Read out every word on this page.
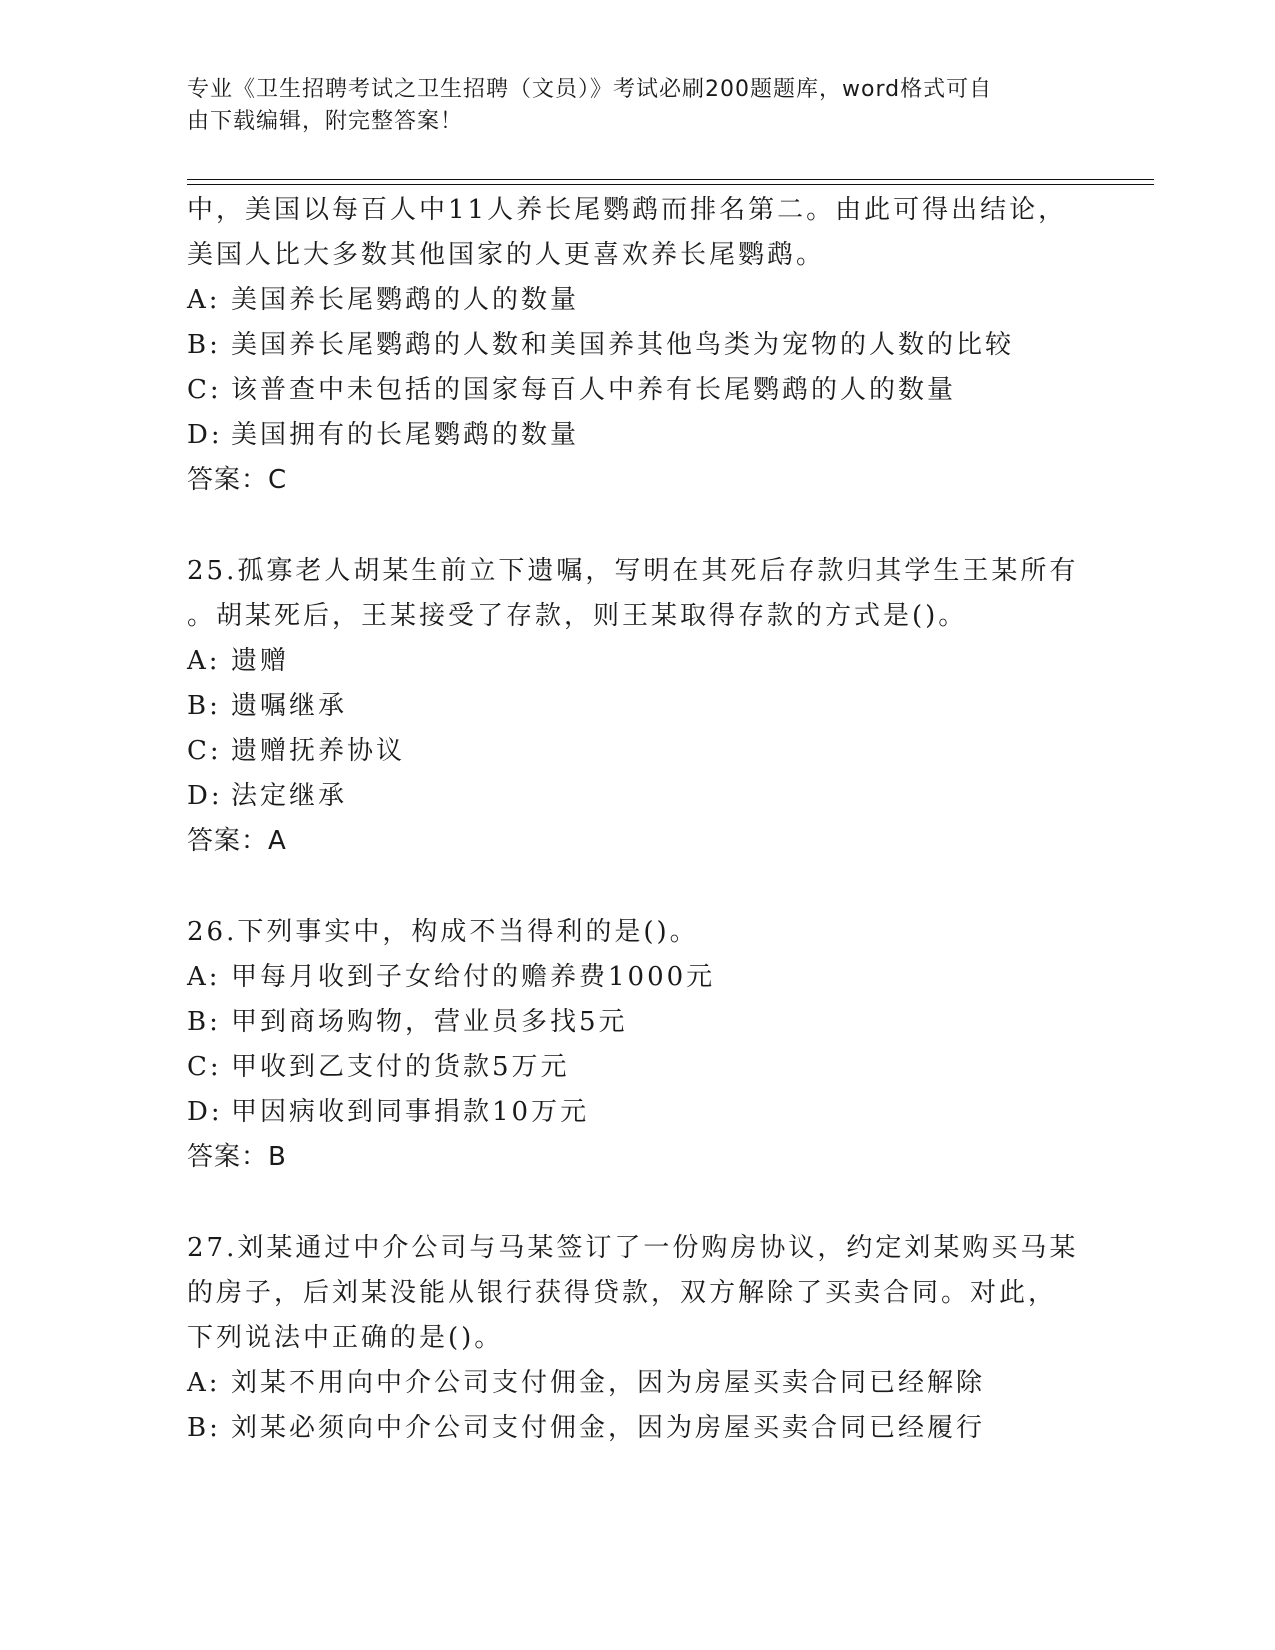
专业《卫生招聘考试之卫生招聘（文员）》考试必刷200题题库，word格式可自
由下载编辑，附完整答案！
中，美国以每百人中11人养长尾鹦鹉而排名第二。由此可得出结论，
美国人比大多数其他国家的人更喜欢养长尾鹦鹉。
A: 美国养长尾鹦鹉的人的数量
B: 美国养长尾鹦鹉的人数和美国养其他鸟类为宠物的人数的比较
C: 该普查中未包括的国家每百人中养有长尾鹦鹉的人的数量
D: 美国拥有的长尾鹦鹉的数量
答案：C
25.孤寡老人胡某生前立下遗嘱，写明在其死后存款归其学生王某所有
。胡某死后，王某接受了存款，则王某取得存款的方式是()。
A: 遗赠
B: 遗嘱继承
C: 遗赠抚养协议
D: 法定继承
答案：A
26.下列事实中，构成不当得利的是()。
A: 甲每月收到子女给付的赡养费1000元
B: 甲到商场购物，营业员多找5元
C: 甲收到乙支付的货款5万元
D: 甲因病收到同事捐款10万元
答案：B
27.刘某通过中介公司与马某签订了一份购房协议，约定刘某购买马某
的房子，后刘某没能从银行获得贷款，双方解除了买卖合同。对此，
下列说法中正确的是()。
A: 刘某不用向中介公司支付佣金，因为房屋买卖合同已经解除
B: 刘某必须向中介公司支付佣金，因为房屋买卖合同已经履行
